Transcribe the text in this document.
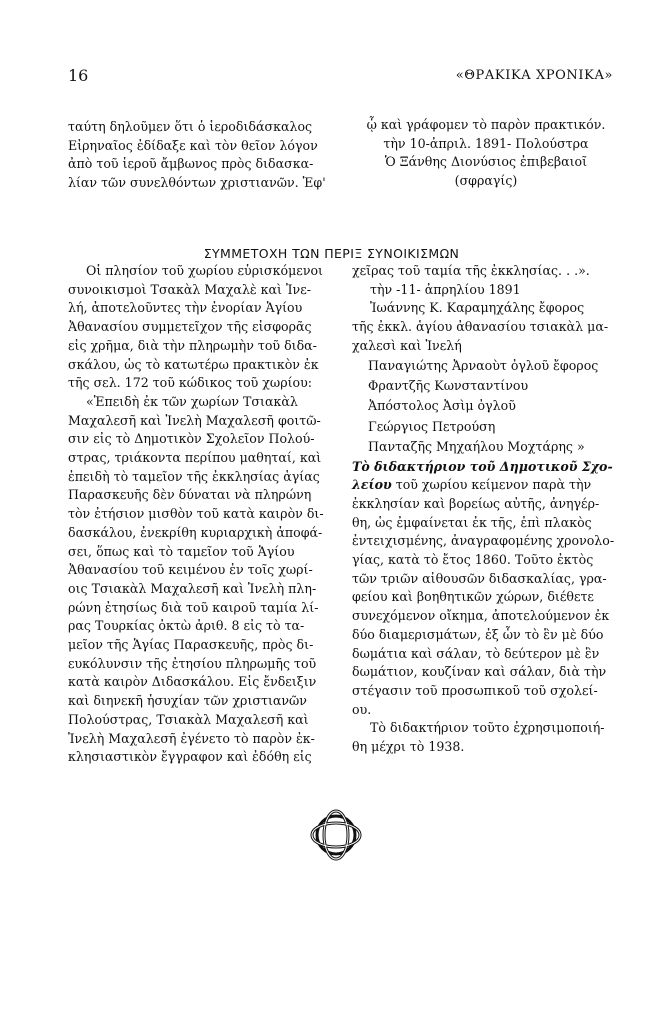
16	«ΘΡΑΚΙΚΑ ΧΡΟΝΙΚΑ»

ταύτη δηλοῦμεν ὅτι ὁ ἱεροδιδάσκαλος

Εἰρηναῖος ἐδίδαξε καὶ τὸν θεῖον λόγον

ἀπὸ τοῦ ἱεροῦ ἄμβωνος πρὸς διδασκα-

λίαν τῶν συνελθόντων χριστιανῶν. Ἐφ'

ᾧ καὶ γράφομεν τὸ παρὸν πρακτικόν.

τὴν 10-ἀπριλ. 1891- Πολούστρα

Ὁ Ξάνθης Διονύσιος ἐπιβεβαιοῖ

(σφραγίς)

ΣΥΜΜΕΤΟΧΗ ΤΩΝ ΠΕΡΙΞ ΣΥΝΟΙΚΙΣΜΩΝ

Οἱ πλησίον τοῦ χωρίου εὑρισκόμενοι

συνοικισμοὶ Τσακὰλ Μαχαλὲ καὶ Ἰνε-

λή, ἀποτελοῦντες τὴν ἐνορίαν Ἁγίου

Ἀθανασίου συμμετεῖχον τῆς εἰσφορᾶς

εἰς χρῆμα, διὰ τὴν πληρωμὴν τοῦ διδα-

σκάλου, ὡς τὸ κατωτέρω πρακτικὸν ἐκ

τῆς σελ. 172 τοῦ κώδικος τοῦ χωρίου:

«Ἐπειδὴ ἐκ τῶν χωρίων Τσιακὰλ

Μαχαλεσῆ καὶ Ἰνελὴ Μαχαλεσῆ φοιτῶ-

σιν εἰς τὸ Δημοτικὸν Σχολεῖον Πολού-

στρας, τριάκοντα περίπου μαθηταί, καὶ

ἐπειδὴ τὸ ταμεῖον τῆς ἐκκλησίας ἁγίας

Παρασκευῆς δὲν δύναται νὰ πληρώνη

τὸν ἐτήσιον μισθὸν τοῦ κατὰ καιρὸν δι-

δασκάλου, ἐνεκρίθη κυριαρχικὴ ἀποφά-

σει, ὅπως καὶ τὸ ταμεῖον τοῦ Ἁγίου

Ἀθανασίου τοῦ κειμένου ἐν τοῖς χωρί-

οις Τσιακὰλ Μαχαλεσῆ καὶ Ἰνελὴ πλη-

ρώνη ἐτησίως διὰ τοῦ καιροῦ ταμία λί-

ρας Τουρκίας ὀκτὼ ἀριθ. 8 εἰς τὸ τα-

μεῖον τῆς Ἁγίας Παρασκευῆς, πρὸς δι-

ευκόλυνσιν τῆς ἐτησίου πληρωμῆς τοῦ

κατὰ καιρὸν Διδασκάλου. Εἰς ἔνδειξιν

καὶ διηνεκῆ ἡσυχίαν τῶν χριστιανῶν

Πολούστρας, Τσιακὰλ Μαχαλεσῆ καὶ

Ἰνελὴ Μαχαλεσῆ ἐγένετο τὸ παρὸν ἐκ-

κλησιαστικὸν ἔγγραφον καὶ ἐδόθη εἰς

χεῖρας τοῦ ταμία τῆς ἐκκλησίας. . .».

τὴν -11- ἀπρηλίου 1891

Ἰωάννης Κ. Καραμηχάλης ἔφορος

τῆς ἐκκλ. ἁγίου ἀθανασίου τσιακὰλ μα-

χαλεσὶ καὶ Ἰνελή

Παναγιώτης Ἀρναοὺτ ὀγλοῦ ἔφορος

Φραντζῆς Κωνσταντίνου

Ἀπόστολος Ἀσὶμ ὀγλοῦ

Γεώργιος Πετρούση

Πανταζῆς Μηχαήλου Μοχτάρης »

Τὸ διδακτήριον τοῦ Δημοτικοῦ Σχο-

λείου τοῦ χωρίου κείμενον παρὰ τὴν

ἐκκλησίαν καὶ βορείως αὐτῆς, ἀνηγέρ-

θη, ὡς ἐμφαίνεται ἐκ τῆς, ἐπὶ πλακὸς

ἐντειχισμένης, ἀναγραφομένης χρονολο-

γίας, κατὰ τὸ ἔτος 1860. Τοῦτο ἐκτὸς

τῶν τριῶν αἰθουσῶν διδασκαλίας, γρα-

φείου καὶ βοηθητικῶν χώρων, διέθετε

συνεχόμενον οἴκημα, ἀποτελούμενον ἐκ

δύο διαμερισμάτων, ἐξ ὧν τὸ ἓν μὲ δύο

δωμάτια καὶ σάλαν, τὸ δεύτερον μὲ ἓν

δωμάτιον, κουζίναν καὶ σάλαν, διὰ τὴν

στέγασιν τοῦ προσωπικοῦ τοῦ σχολεί-

ου.

Τὸ διδακτήριον τοῦτο ἐχρησιμοποιή-

θη μέχρι τὸ 1938.
